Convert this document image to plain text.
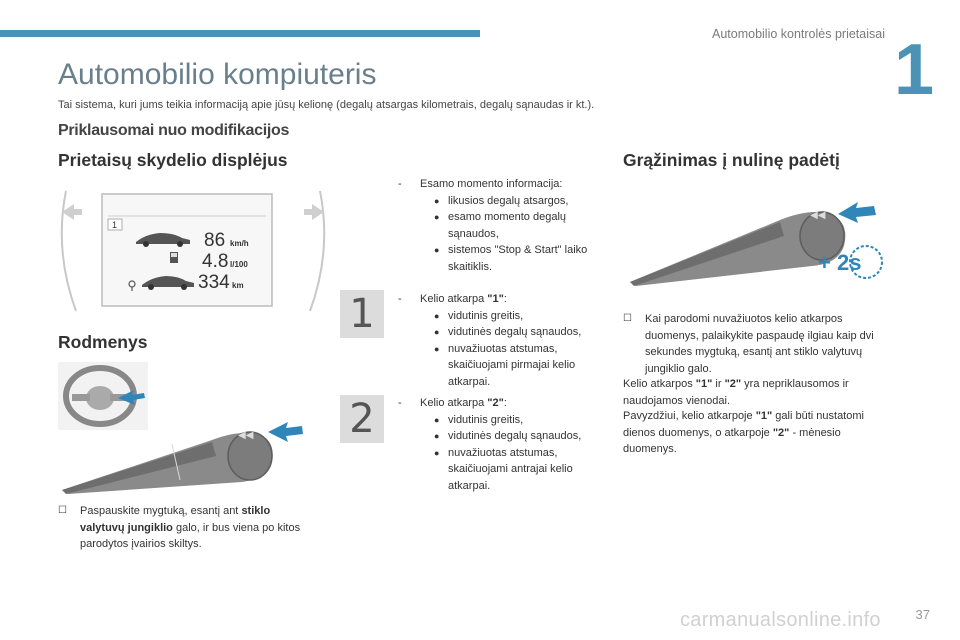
Automobilio kontrolės prietaisai 1
Automobilio kompiuteris
Tai sistema, kuri jums teikia informaciją apie jūsų kelionę (degalų atsargas kilometrais, degalų sąnaudas ir kt.).
Priklausomai nuo modifikacijos
Prietaisų skydelio displėjus
1
86 km/h
4.8 l/100
334 km
Rodmenys
◀◀
☐	Paspauskite mygtuką, esantį ant stiklo valytuvų jungiklio galo, ir bus viena po kitos parodytos įvairios skiltys.
- Esamo momento informacija:
● likusios degalų atsargos,
● esamo momento degalų sąnaudos,
● sistemos "Stop & Start" laiko skaitiklis.
1	- Kelio atkarpa "1":
● vidutinis greitis,
● vidutinės degalų sąnaudos,
● nuvažiuotas atstumas, skaičiuojami pirmajai kelio atkarpai.
2	- Kelio atkarpa "2":
● vidutinis greitis,
● vidutinės degalų sąnaudos,
● nuvažiuotas atstumas, skaičiuojami antrajai kelio atkarpai.
Grąžinimas į nulinę padėtį
◀◀
+ 2s
☐	Kai parodomi nuvažiuotos kelio atkarpos duomenys, palaikykite paspaudę ilgiau kaip dvi sekundes mygtuką, esantį ant stiklo valytuvų jungiklio galo.
Kelio atkarpos "1" ir "2" yra nepriklausomos ir naudojamos vienodai.
Pavyzdžiui, kelio atkarpoje "1" gali būti nustatomi dienos duomenys, o atkarpoje "2" - mėnesio duomenys.
37
carmanualsonline.info
